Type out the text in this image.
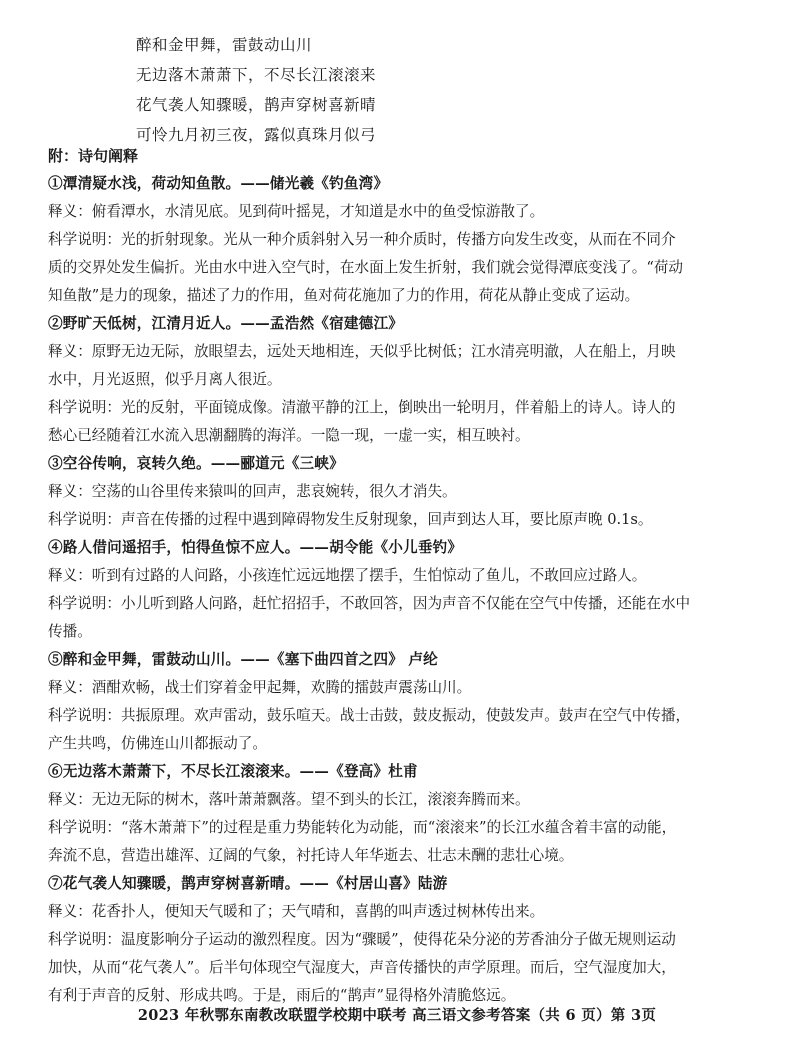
醉和金甲舞，雷鼓动山川
无边落木萧萧下，不尽长江滚滚来
花气袭人知骤暖，鹊声穿树喜新晴
可怜九月初三夜，露似真珠月似弓
附：诗句阐释
①潭清疑水浅，荷动知鱼散。——储光羲《钓鱼湾》
释义：俯看潭水，水清见底。见到荷叶摇晃，才知道是水中的鱼受惊游散了。
科学说明：光的折射现象。光从一种介质斜射入另一种介质时，传播方向发生改变，从而在不同介
质的交界处发生偏折。光由水中进入空气时，在水面上发生折射，我们就会觉得潭底变浅了。“荷动
知鱼散”是力的现象，描述了力的作用，鱼对荷花施加了力的作用，荷花从静止变成了运动。
②野旷天低树，江清月近人。——孟浩然《宿建德江》
释义：原野无边无际，放眼望去，远处天地相连，天似乎比树低；江水清亮明澈，人在船上，月映
水中，月光返照，似乎月离人很近。
科学说明：光的反射，平面镜成像。清澈平静的江上，倒映出一轮明月，伴着船上的诗人。诗人的
愁心已经随着江水流入思潮翻腾的海洋。一隐一现，一虚一实，相互映衬。
③空谷传响，哀转久绝。——郦道元《三峡》
释义：空荡的山谷里传来猿叫的回声，悲哀婉转，很久才消失。
科学说明：声音在传播的过程中遇到障碍物发生反射现象，回声到达人耳，要比原声晚 0.1s。
④路人借问遥招手，怕得鱼惊不应人。——胡令能《小儿垂钓》
释义：听到有过路的人问路，小孩连忙远远地摆了摆手，生怕惊动了鱼儿，不敢回应过路人。
科学说明：小儿听到路人问路，赶忙招招手，不敢回答，因为声音不仅能在空气中传播，还能在水中
传播。
⑤醉和金甲舞，雷鼓动山川。——《塞下曲四首之四》 卢纶
释义：酒酣欢畅，战士们穿着金甲起舞，欢腾的擂鼓声震荡山川。
科学说明：共振原理。欢声雷动，鼓乐喧天。战士击鼓，鼓皮振动，使鼓发声。鼓声在空气中传播，
产生共鸣，仿佛连山川都振动了。
⑥无边落木萧萧下，不尽长江滚滚来。——《登高》杜甫
释义：无边无际的树木，落叶萧萧飘落。望不到头的长江，滚滚奔腾而来。
科学说明：“落木萧萧下”的过程是重力势能转化为动能，而“滚滚来”的长江水蕴含着丰富的动能，
奔流不息，营造出雄浑、辽阔的气象，衬托诗人年华逝去、壮志未酬的悲壮心境。
⑦花气袭人知骤暖，鹊声穿树喜新晴。——《村居山喜》陆游
释义：花香扑人，便知天气暖和了；天气晴和，喜鹊的叫声透过树林传出来。
科学说明：温度影响分子运动的激烈程度。因为“骤暖”，使得花朵分泌的芳香油分子做无规则运动
加快，从而“花气袭人”。后半句体现空气湿度大，声音传播快的声学原理。而后，空气湿度加大，
有利于声音的反射、形成共鸣。于是，雨后的“鹊声”显得格外清脆悠远。
2023 年秋鄂东南教改联盟学校期中联考 高三语文参考答案（共 6 页）第 3页
